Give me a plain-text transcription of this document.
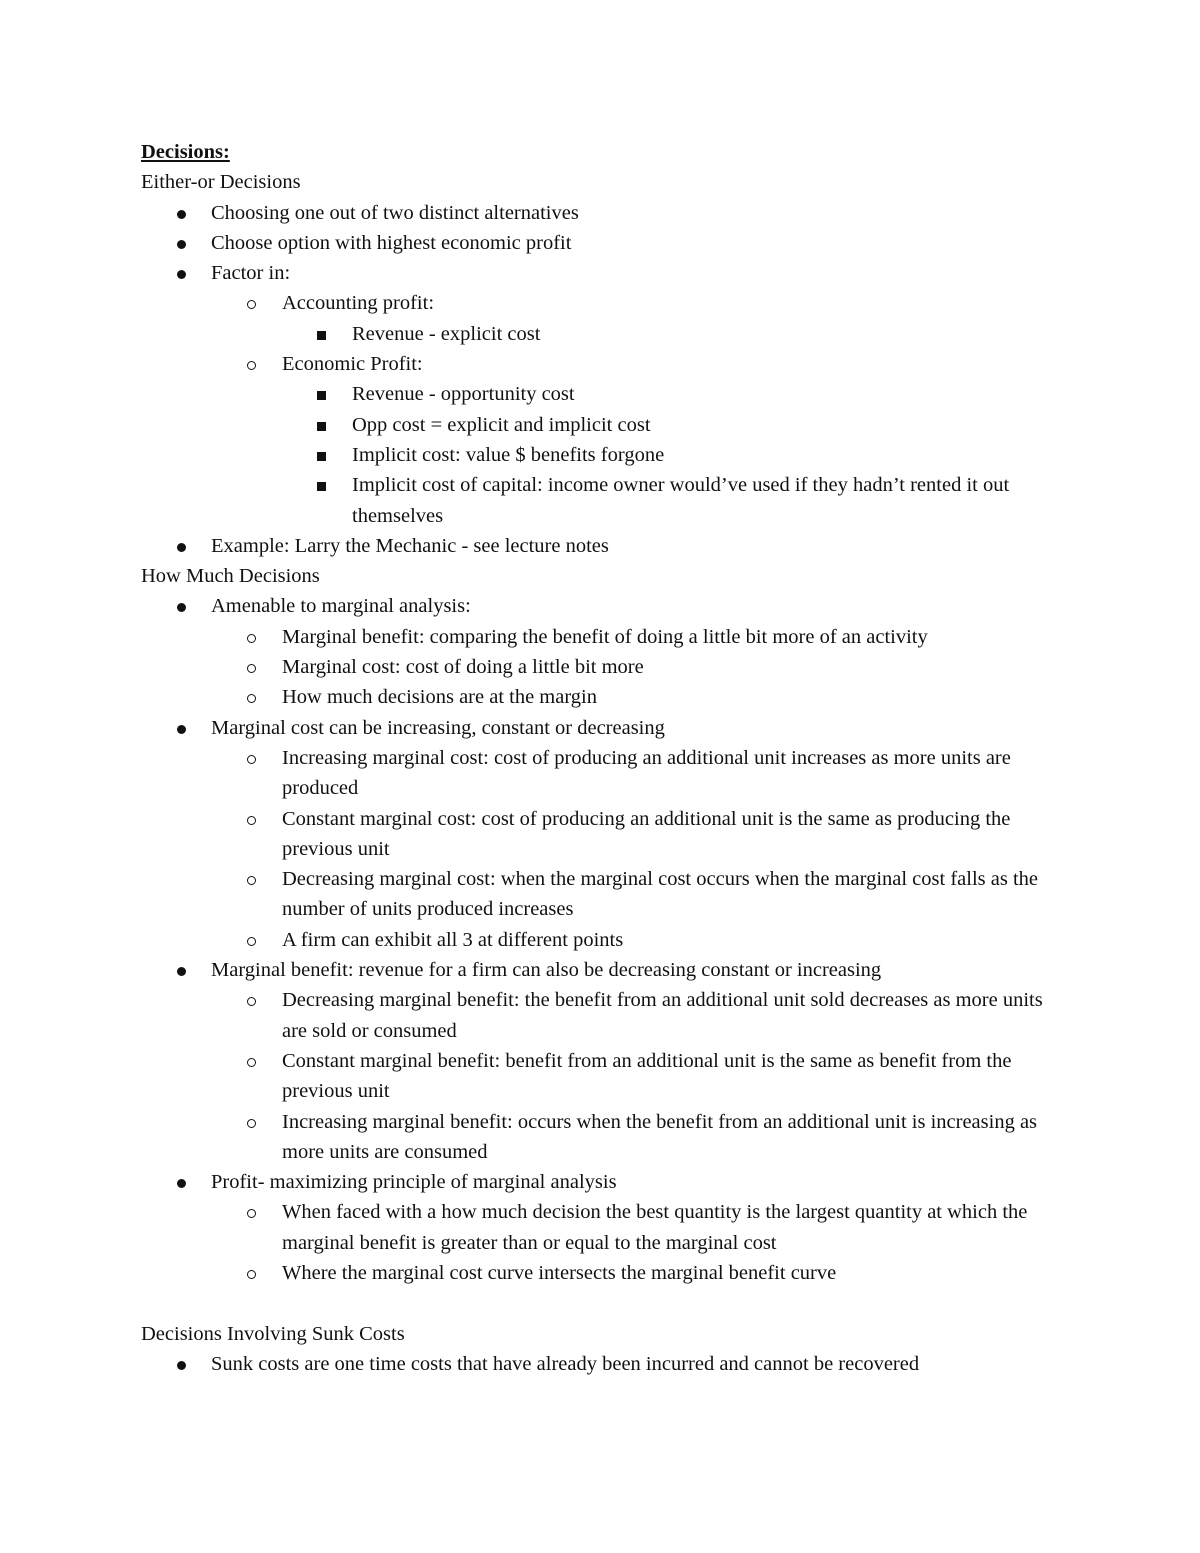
Decisions:
Either-or Decisions
Choosing one out of two distinct alternatives
Choose option with highest economic profit
Factor in:
Accounting profit:
Revenue - explicit cost
Economic Profit:
Revenue - opportunity cost
Opp cost = explicit and implicit cost
Implicit cost: value $ benefits forgone
Implicit cost of capital: income owner would’ve used if they hadn’t rented it out themselves
Example: Larry the Mechanic - see lecture notes
How Much Decisions
Amenable to marginal analysis:
Marginal benefit: comparing the benefit of doing a little bit more of an activity
Marginal cost: cost of doing a little bit more
How much decisions are at the margin
Marginal cost can be increasing, constant or decreasing
Increasing marginal cost: cost of producing an additional unit increases as more units are produced
Constant marginal cost: cost of producing an additional unit is the same as producing the previous unit
Decreasing marginal cost: when the marginal cost occurs when the marginal cost falls as the number of units produced increases
A firm can exhibit all 3 at different points
Marginal benefit: revenue for a firm can also be decreasing constant or increasing
Decreasing marginal benefit: the benefit from an additional unit sold decreases as more units are sold or consumed
Constant marginal benefit: benefit from an additional unit is the same as benefit from the previous unit
Increasing marginal benefit: occurs when the benefit from an additional unit is increasing as more units are consumed
Profit- maximizing principle of marginal analysis
When faced with a how much decision the best quantity is the largest quantity at which the marginal benefit is greater than or equal to the marginal cost
Where the marginal cost curve intersects the marginal benefit curve
Decisions Involving Sunk Costs
Sunk costs are one time costs that have already been incurred and cannot be recovered
